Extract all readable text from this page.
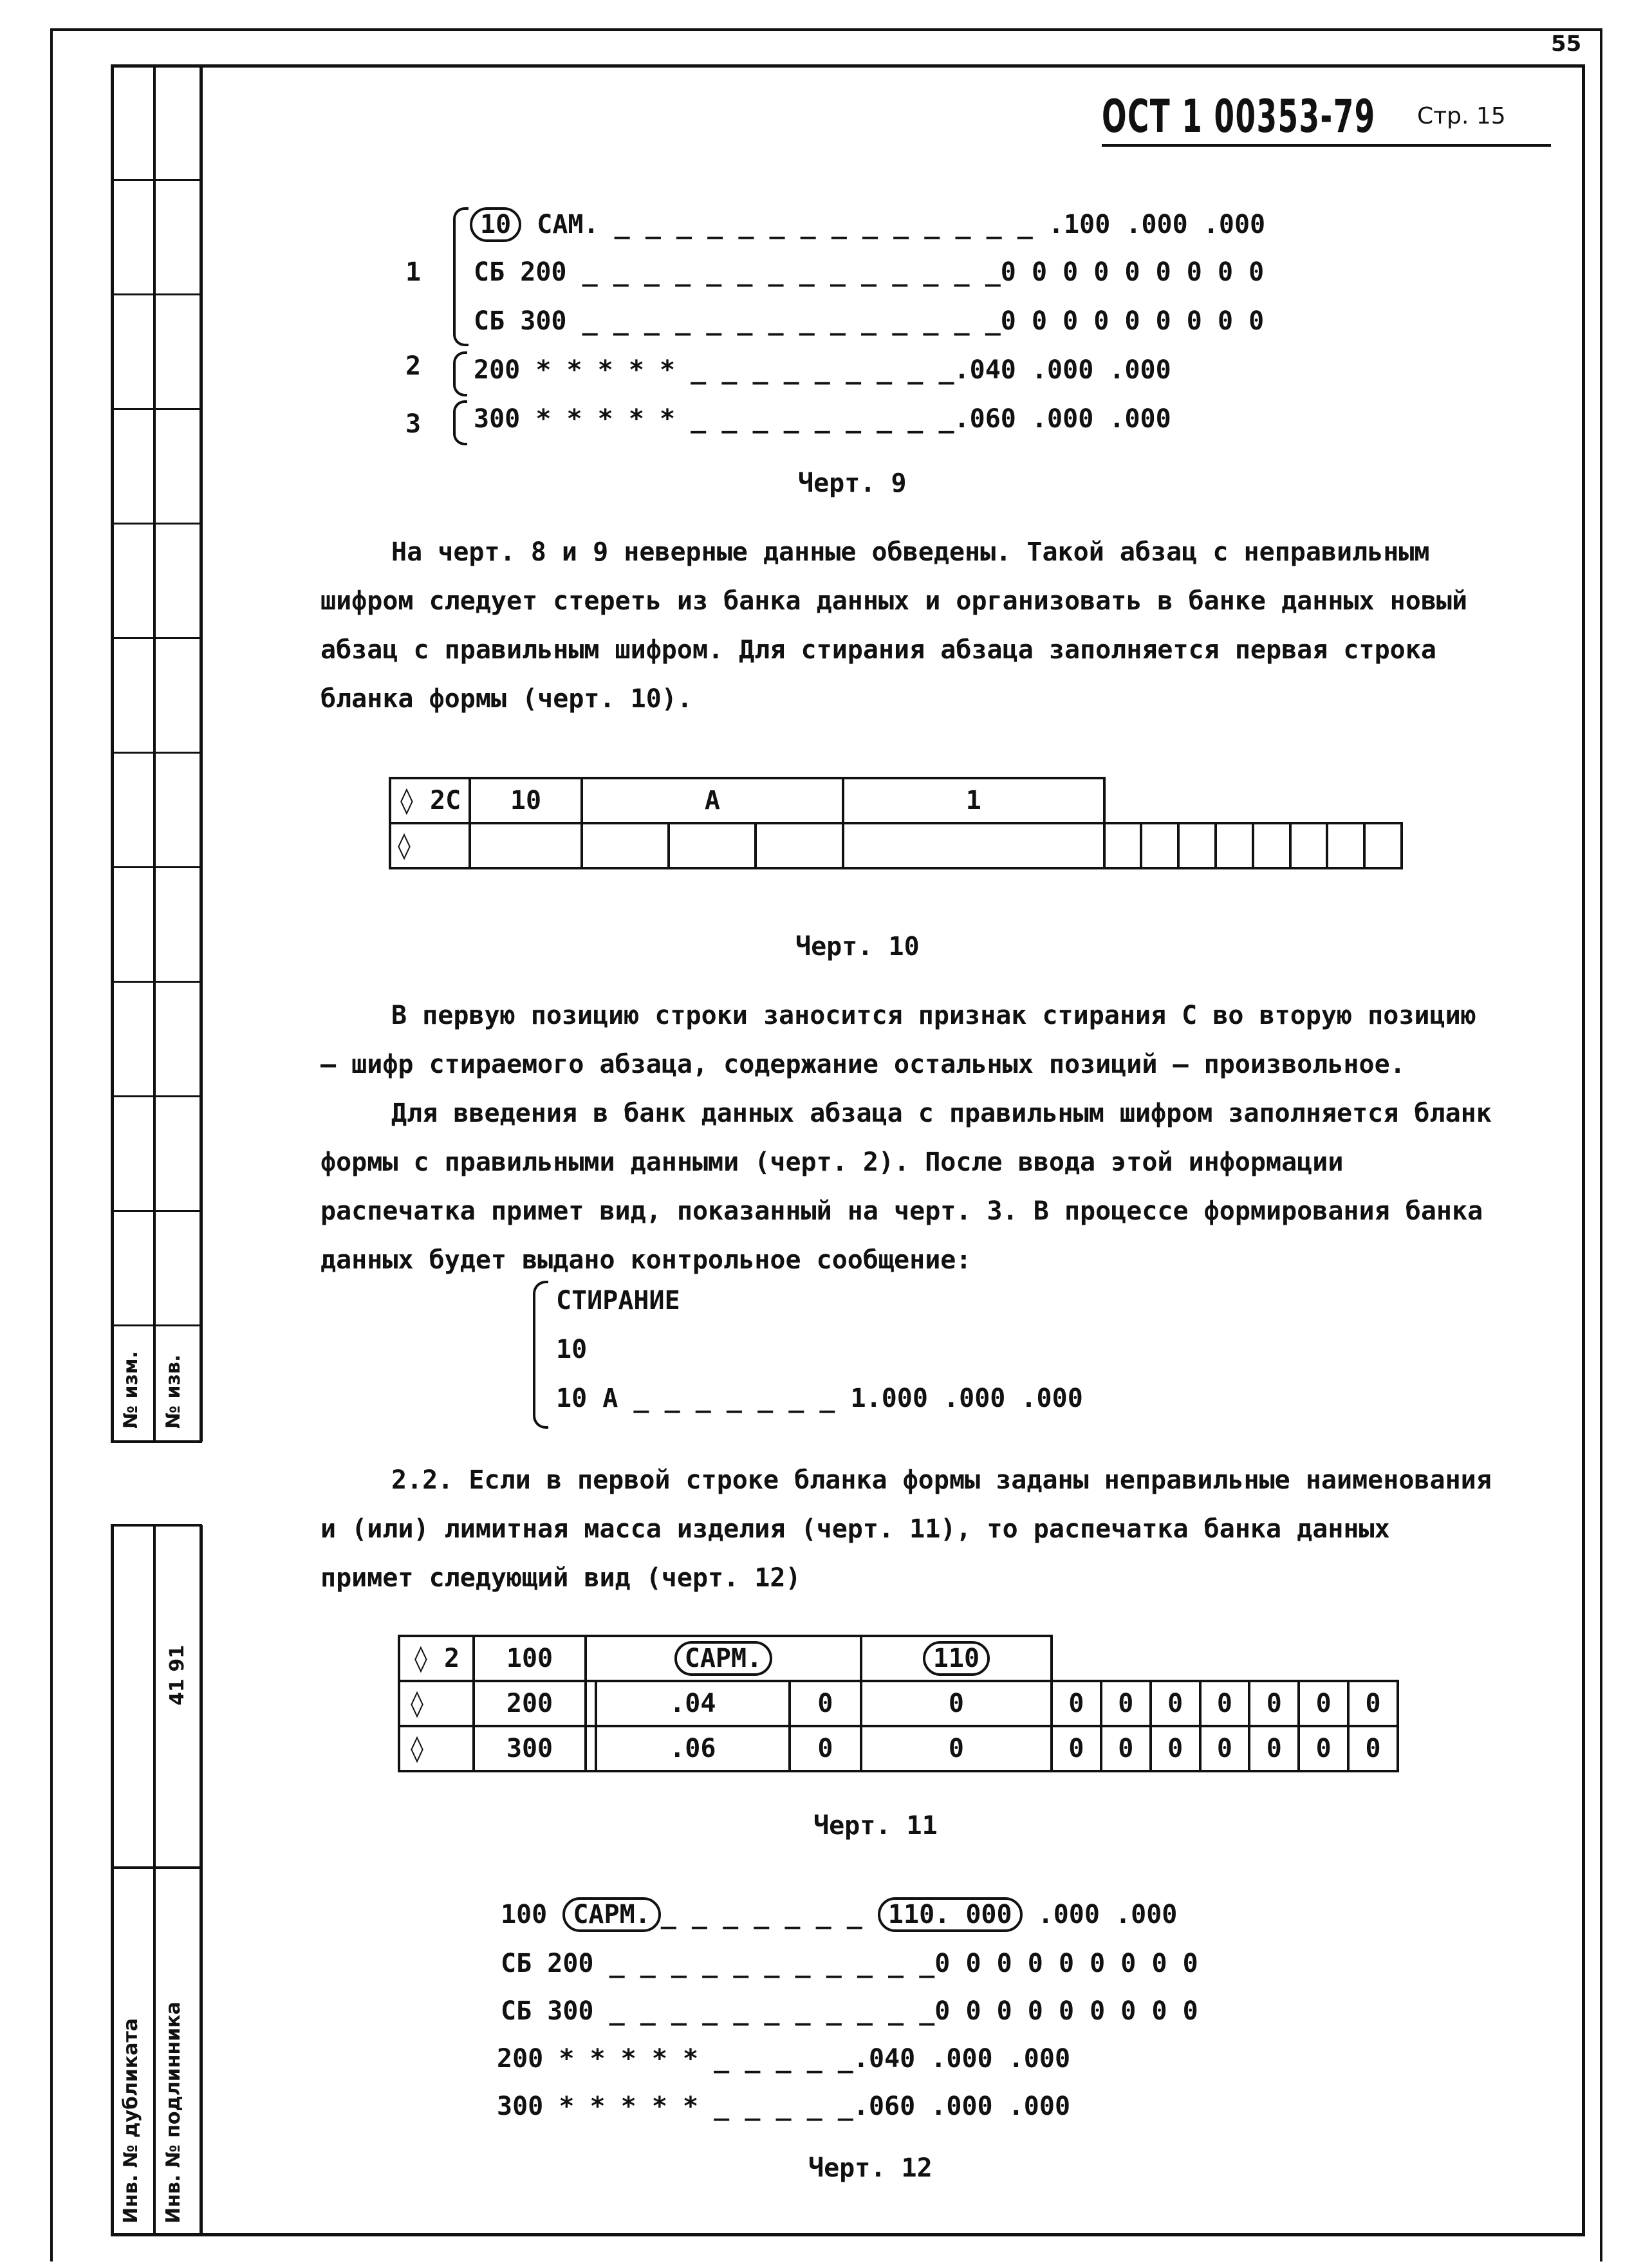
№ изм. № изв.
41 91
Инв. № дубликата Инв. № подлинника
55
ОСТ 1 00353-79 Стр. 15
1
10 САМ. _ _ _ _ _ _ _ _ _ _ _ _ _ _ .100 .000 .000
СБ 200 _ _ _ _ _ _ _ _ _ _ _ _ _ _0 0 0 0 0 0 0 0 0
СБ 300 _ _ _ _ _ _ _ _ _ _ _ _ _ _0 0 0 0 0 0 0 0 0
2 200 * * * * * _ _ _ _ _ _ _ _ _.040 .000 .000
3 300 * * * * * _ _ _ _ _ _ _ _ _.060 .000 .000
Черт. 9

На черт. 8 и 9 неверные данные обведены. Такой абзац с неправильным шифром следует стереть из банка данных и организовать в банке данных новый абзац с правильным шифром. Для стирания абзаца заполняется первая строка бланка формы (черт. 10).

◊ 2С	10	А			1								
◊													
Черт. 10

В первую позицию строки заносится признак стирания С во вторую позицию – шифр стираемого абзаца, содержание остальных позиций – произвольное.

Для введения в банк данных абзаца с правильным шифром заполняется бланк формы с правильными данными (черт. 2). После ввода этой информации распечатка примет вид, показанный на черт. 3. В процессе формирования банка данных будет выдано контрольное сообщение:

СТИРАНИЕ
10
10 А _ _ _ _ _ _ _ 1.000 .000 .000

2.2. Если в первой строке бланка формы заданы неправильные наименования и (или) лимитная масса изделия (черт. 11), то распечатка банка данных примет следующий вид (черт. 12)

◊ 2	100	САРМ.			110							
◊	200		.04	0	0	0	0	0	0	0	0	0
◊	300		.06	0	0	0	0	0	0	0	0	0
Черт. 11
100 САРМ. _ _ _ _ _ _ _ 110. 000 .000 .000
СБ 200 _ _ _ _ _ _ _ _ _ _ _0 0 0 0 0 0 0 0 0
СБ 300 _ _ _ _ _ _ _ _ _ _ _0 0 0 0 0 0 0 0 0
200 * * * * * _ _ _ _ _.040 .000 .000
300 * * * * * _ _ _ _ _.060 .000 .000
Черт. 12
